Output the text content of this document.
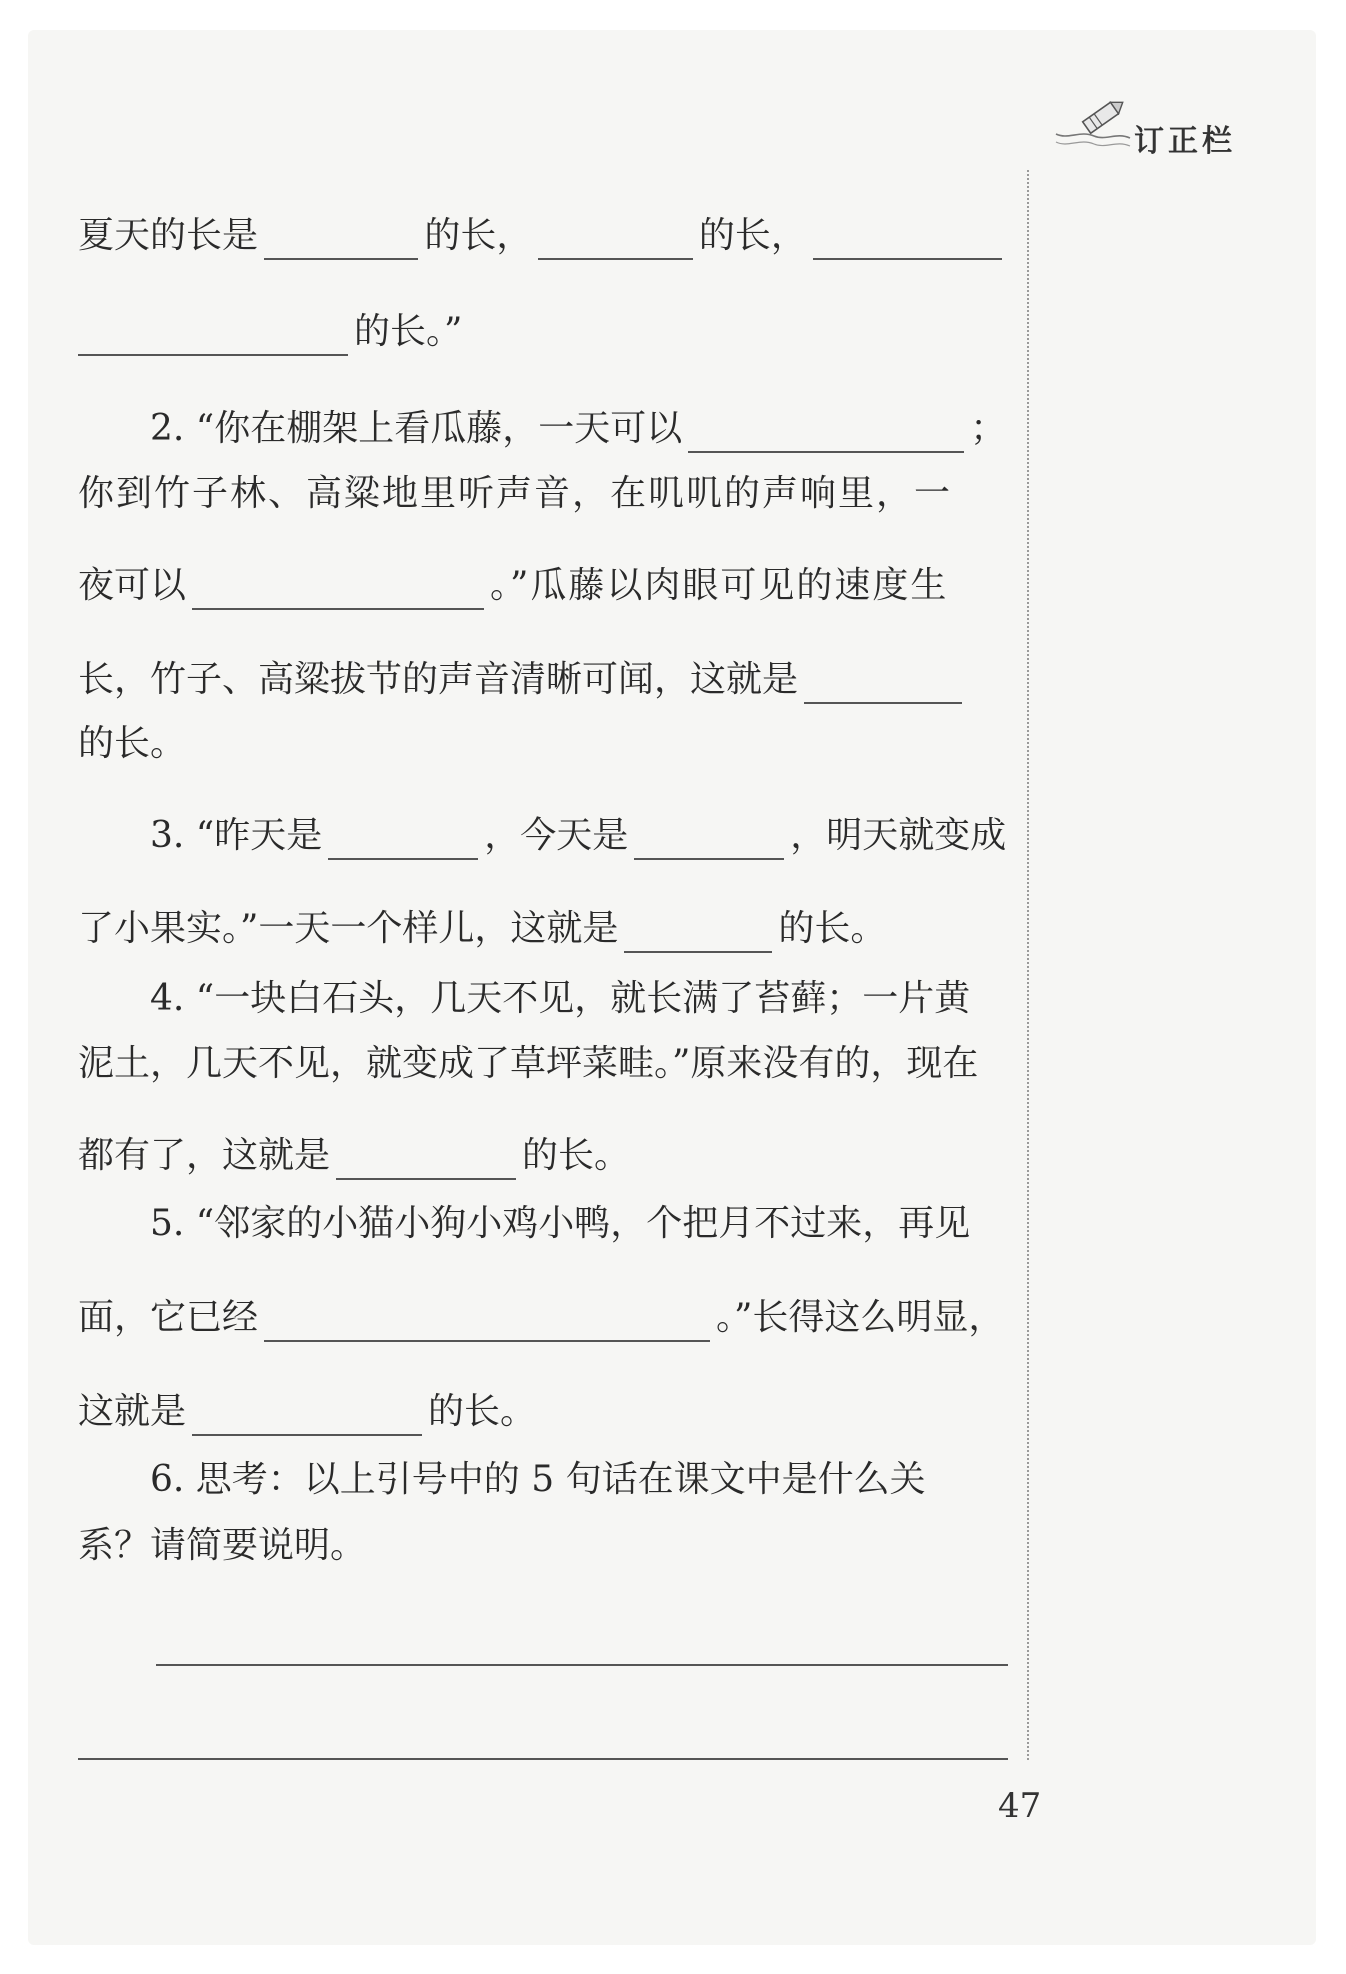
订正栏
夏天的长是	的长，	的长，
的长。”
2. “你在棚架上看瓜藤，一天可以	；
你到竹子林、高粱地里听声音，在叽叽的声响里，一
夜可以	。”瓜藤以肉眼可见的速度生
长，竹子、高粱拔节的声音清晰可闻，这就是
的长。
3. “昨天是	，今天是	，明天就变成
了小果实。”一天一个样儿，这就是	的长。
4. “一块白石头，几天不见，就长满了苔藓；一片黄
泥土，几天不见，就变成了草坪菜畦。”原来没有的，现在
都有了，这就是	的长。
5. “邻家的小猫小狗小鸡小鸭，个把月不过来，再见
面，它已经	。”长得这么明显，
这就是	的长。
6. 思考：以上引号中的 5 句话在课文中是什么关
系？请简要说明。
47
